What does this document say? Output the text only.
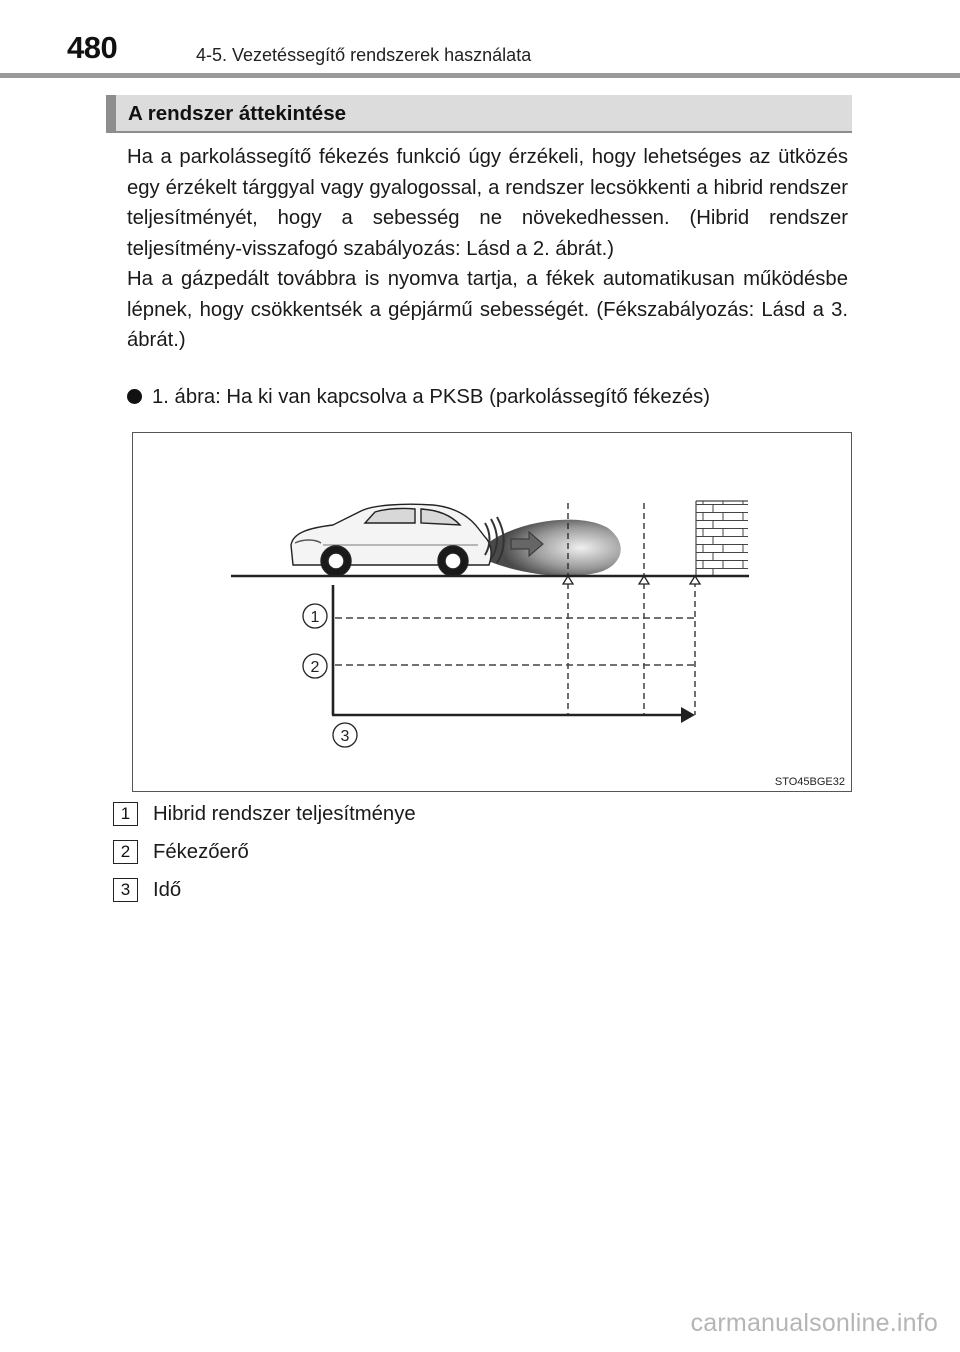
480	4-5. Vezetéssegítő rendszerek használata
A rendszer áttekintése

Ha a parkolássegítő fékezés funkció úgy érzékeli, hogy lehetséges az ütközés egy érzékelt tárggyal vagy gyalogossal, a rendszer lecsökkenti a hibrid rendszer teljesítményét, hogy a sebesség ne növekedhessen. (Hibrid rendszer teljesítmény-visszafogó szabályozás: Lásd a 2. ábrát.)

Ha a gázpedált továbbra is nyomva tartja, a fékek automatikusan működésbe lépnek, hogy csökkentsék a gépjármű sebességét. (Fékszabályozás: Lásd a 3. ábrát.)

1. ábra: Ha ki van kapcsolva a PKSB (parkolássegítő fékezés)
1
2
3
STO45BGE32
1	Hibrid rendszer teljesítménye
2	Fékezőerő
3	Idő
carmanualsonline.info
